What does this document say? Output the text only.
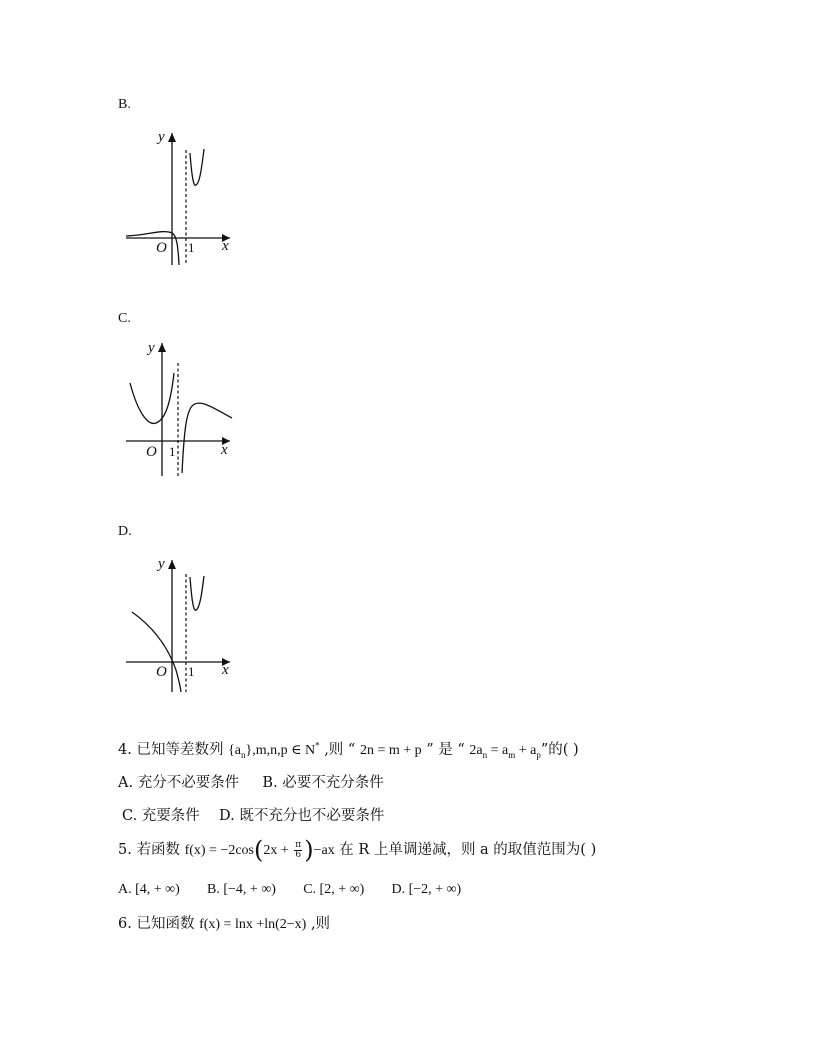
B.
y
x
O 1
C.
y
x
O 1
D.
y
x
O 1
4. 已知等差数列 $\{a_n\},m,n,p$ ∈ N* ,则 “ 2n = m + p ” 是 “ $2a_n = a_m + a_p$”的( )
A. 充分不必要条件 B. 必要不充分条件
C. 充要条件 D. 既不充分也不必要条件
5. 若函数 $f(x) = -2\cos(2x + \frac{\pi}{6} )-ax$ 在 R 上单调递减，则 a 的取值范围为( )
A. [4, + ∞) B. [−4, + ∞) C. [2, + ∞) D. [−2, + ∞)
6. 已知函数 f(x) = lnx +ln(2−x) ,则
